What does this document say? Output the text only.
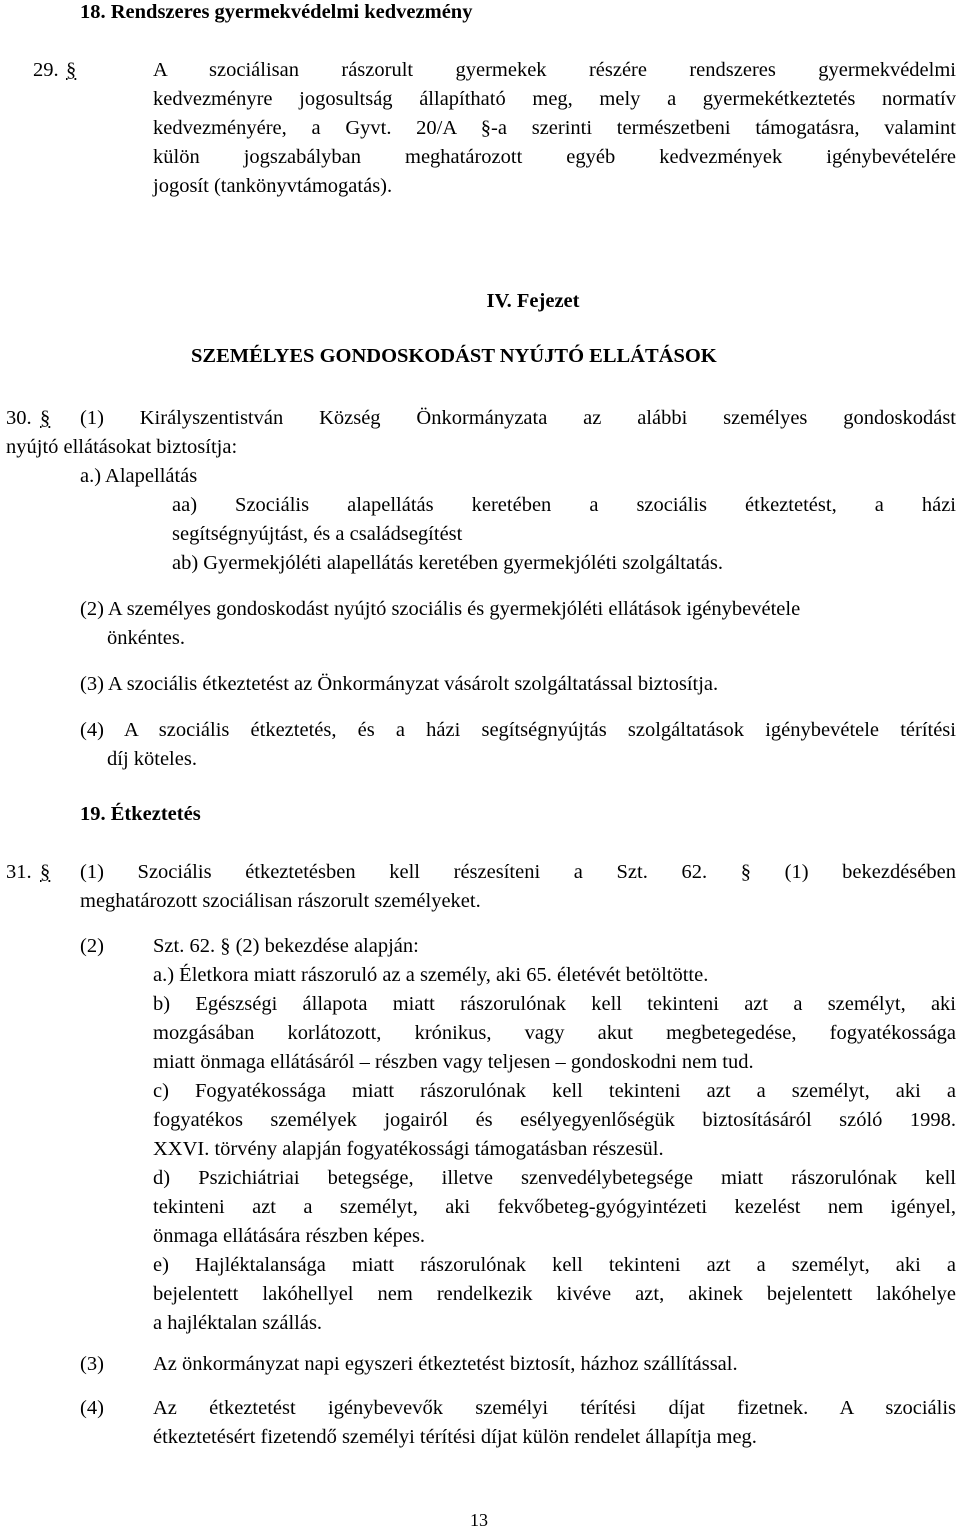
18. Rendszeres gyermekvédelmi kedvezmény
29. §	A szociálisan rászorult gyermekek részére rendszeres gyermekvédelmi
kedvezményre jogosultság állapítható meg, mely a gyermekétkeztetés normatív
kedvezményére, a Gyvt. 20/A §-a szerinti természetbeni támogatásra, valamint
külön jogszabályban meghatározott egyéb kedvezmények igénybevételére
jogosít (tankönyvtámogatás).
IV. Fejezet
SZEMÉLYES GONDOSKODÁST NYÚJTÓ ELLÁTÁSOK
30. § (1) Királyszentistván Község Önkormányzata az alábbi személyes gondoskodást
nyújtó ellátásokat biztosítja:
a.) Alapellátás
aa) Szociális alapellátás keretében a szociális étkeztetést, a házi
segítségnyújtást, és a családsegítést
ab) Gyermekjóléti alapellátás keretében gyermekjóléti szolgáltatás.
(2) A személyes gondoskodást nyújtó szociális és gyermekjóléti ellátások igénybevétele
önkéntes.
(3) A szociális étkeztetést az Önkormányzat vásárolt szolgáltatással biztosítja.
(4) A szociális étkeztetés, és a házi segítségnyújtás szolgáltatások igénybevétele térítési
díj köteles.
19. Étkeztetés
31. § (1) Szociális étkeztetésben kell részesíteni a Szt. 62. § (1) bekezdésében
meghatározott szociálisan rászorult személyeket.
(2) Szt. 62. § (2) bekezdése alapján:
a.) Életkora miatt rászoruló az a személy, aki 65. életévét betöltötte.
b) Egészségi állapota miatt rászorulónak kell tekinteni azt a személyt, aki
mozgásában korlátozott, krónikus, vagy akut megbetegedése, fogyatékossága
miatt önmaga ellátásáról – részben vagy teljesen – gondoskodni nem tud.
c) Fogyatékossága miatt rászorulónak kell tekinteni azt a személyt, aki a
fogyatékos személyek jogairól és esélyegyenlőségük biztosításáról szóló 1998.
XXVI. törvény alapján fogyatékossági támogatásban részesül.
d) Pszichiátriai betegsége, illetve szenvedélybetegsége miatt rászorulónak kell
tekinteni azt a személyt, aki fekvőbeteg-gyógyintézeti kezelést nem igényel,
önmaga ellátására részben képes.
e) Hajléktalansága miatt rászorulónak kell tekinteni azt a személyt, aki a
bejelentett lakóhellyel nem rendelkezik kivéve azt, akinek bejelentett lakóhelye
a hajléktalan szállás.
(3) Az önkormányzat napi egyszeri étkeztetést biztosít, házhoz szállítással.
(4) Az étkeztetést igénybevevők személyi térítési díjat fizetnek. A szociális
étkeztetésért fizetendő személyi térítési díjat külön rendelet állapítja meg.
13
